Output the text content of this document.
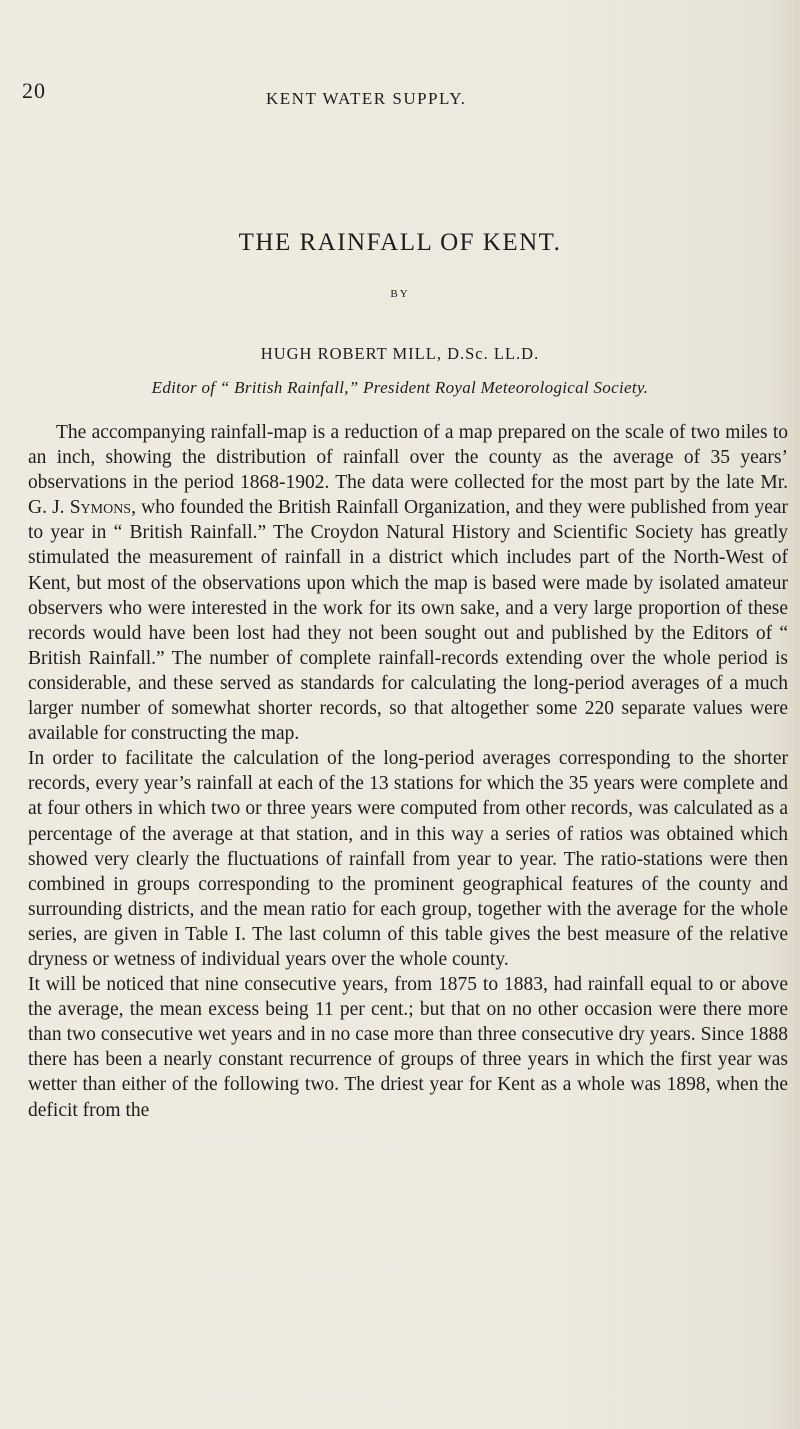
20	KENT WATER SUPPLY.
THE RAINFALL OF KENT.
BY
HUGH ROBERT MILL, D.Sc. LL.D.
Editor of “ British Rainfall,” President Royal Meteorological Society.

The accompanying rainfall-map is a reduction of a map prepared on the scale of two miles to an inch, showing the distribution of rainfall over the county as the average of 35 years’ observations in the period 1868-1902. The data were collected for the most part by the late Mr. G. J. Symons, who founded the British Rainfall Organization, and they were published from year to year in “ British Rainfall.” The Croydon Natural History and Scientific Society has greatly stimulated the measurement of rainfall in a district which includes part of the North-West of Kent, but most of the observations upon which the map is based were made by isolated amateur observers who were interested in the work for its own sake, and a very large proportion of these records would have been lost had they not been sought out and published by the Editors of “ British Rainfall.” The number of complete rainfall-records extending over the whole period is considerable, and these served as standards for calculating the long-period averages of a much larger number of somewhat shorter records, so that altogether some 220 separate values were available for constructing the map.

In order to facilitate the calculation of the long-period averages corresponding to the shorter records, every year’s rainfall at each of the 13 stations for which the 35 years were complete and at four others in which two or three years were computed from other records, was calculated as a percentage of the average at that station, and in this way a series of ratios was obtained which showed very clearly the fluctuations of rainfall from year to year. The ratio-stations were then combined in groups corresponding to the prominent geographical features of the county and surrounding districts, and the mean ratio for each group, together with the average for the whole series, are given in Table I. The last column of this table gives the best measure of the relative dryness or wetness of individual years over the whole county.

It will be noticed that nine consecutive years, from 1875 to 1883, had rainfall equal to or above the average, the mean excess being 11 per cent.; but that on no other occasion were there more than two consecutive wet years and in no case more than three consecutive dry years. Since 1888 there has been a nearly constant recurrence of groups of three years in which the first year was wetter than either of the following two. The driest year for Kent as a whole was 1898, when the deficit from the
